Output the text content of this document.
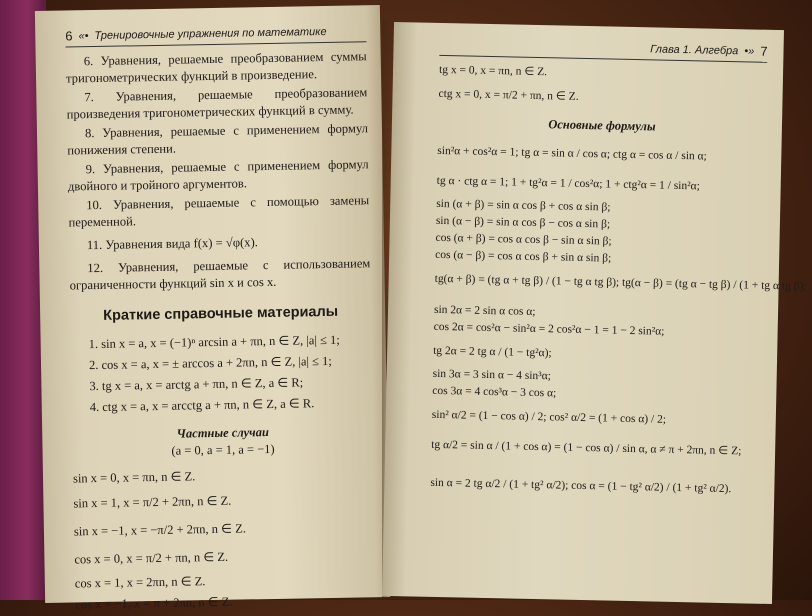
6 «• Тренировочные упражнения по математике

6. Уравнения, решаемые преобразованием суммы тригонометрических функций в произведение.

7. Уравнения, решаемые преобразованием произведения тригонометрических функций в сумму.

8. Уравнения, решаемые с применением формул понижения степени.

9. Уравнения, решаемые с применением формул двойного и тройного аргументов.

10. Уравнения, решаемые с помощью замены переменной.

11. Уравнения вида f(x) = √φ(x).

12. Уравнения, решаемые с использованием ограниченности функций sin x и cos x.

Краткие справочные материалы

1. sin x = a, x = (−1)ⁿ arcsin a + πn, n ∈ Z, |a| ≤ 1;

2. cos x = a, x = ± arccos a + 2πn, n ∈ Z, |a| ≤ 1;

3. tg x = a, x = arctg a + πn, n ∈ Z, a ∈ R;

4. ctg x = a, x = arcctg a + πn, n ∈ Z, a ∈ R.

Частные случаи
(a = 0, a = 1, a = −1)

sin x = 0, x = πn, n ∈ Z.

sin x = 1, x = π/2 + 2πn, n ∈ Z.

sin x = −1, x = −π/2 + 2πn, n ∈ Z.

cos x = 0, x = π/2 + πn, n ∈ Z.

cos x = 1, x = 2πn, n ∈ Z.

cos x = −1, x = π + 2πn, n ∈ Z.

Глава 1. Алгебра •» 7

tg x = 0, x = πn, n ∈ Z.

ctg x = 0, x = π/2 + πn, n ∈ Z.

Основные формулы

sin²α + cos²α = 1; tg α = sin α / cos α; ctg α = cos α / sin α;

tg α · ctg α = 1; 1 + tg²α = 1 / cos²α; 1 + ctg²α = 1 / sin²α;

sin (α + β) = sin α cos β + cos α sin β;

sin (α − β) = sin α cos β − cos α sin β;

cos (α + β) = cos α cos β − sin α sin β;

cos (α − β) = cos α cos β + sin α sin β;

tg(α + β) = (tg α + tg β) / (1 − tg α tg β); tg(α − β) = (tg α − tg β) / (1 + tg α tg β);

sin 2α = 2 sin α cos α;

cos 2α = cos²α − sin²α = 2 cos²α − 1 = 1 − 2 sin²α;

tg 2α = 2 tg α / (1 − tg²α);

sin 3α = 3 sin α − 4 sin³α;

cos 3α = 4 cos³α − 3 cos α;

sin² α/2 = (1 − cos α) / 2; cos² α/2 = (1 + cos α) / 2;

tg α/2 = sin α / (1 + cos α) = (1 − cos α) / sin α, α ≠ π + 2πn, n ∈ Z;

sin α = 2 tg α/2 / (1 + tg² α/2); cos α = (1 − tg² α/2) / (1 + tg² α/2).
